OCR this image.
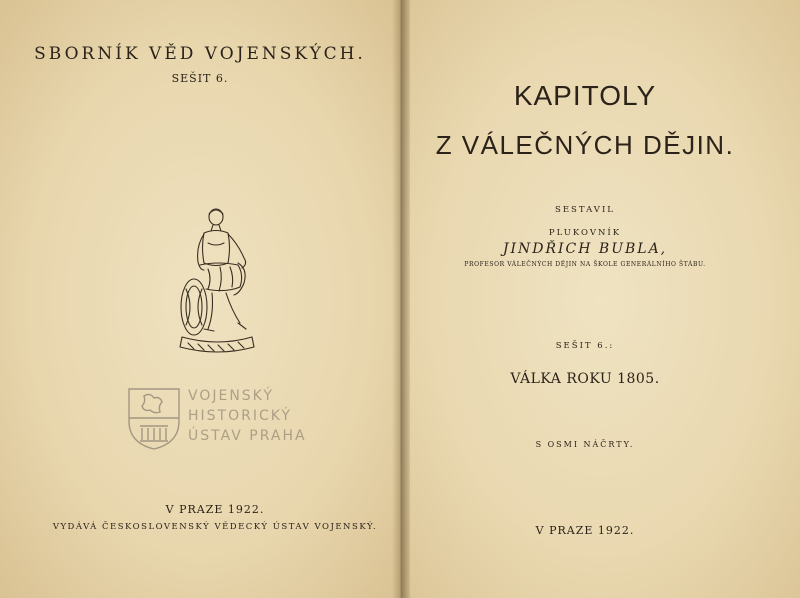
SBORNÍK VĚD VOJENSKÝCH.
SEŠIT 6.
VOJENSKÝ
HISTORICKÝ
ÚSTAV PRAHA
V PRAZE 1922.
VYDÁVÁ ČESKOSLOVENSKÝ VĚDECKÝ ÚSTAV VOJENSKÝ.
KAPITOLY
Z VÁLEČNÝCH DĚJIN.
SESTAVIL
PLUKOVNÍK
JINDŘICH BUBLA,
PROFESOR VÁLEČNÝCH DĚJIN NA ŠKOLE GENERÁLNÍHO ŠTÁBU.
SEŠIT 6.:
VÁLKA ROKU 1805.
S OSMI NÁČRTY.
V PRAZE 1922.
